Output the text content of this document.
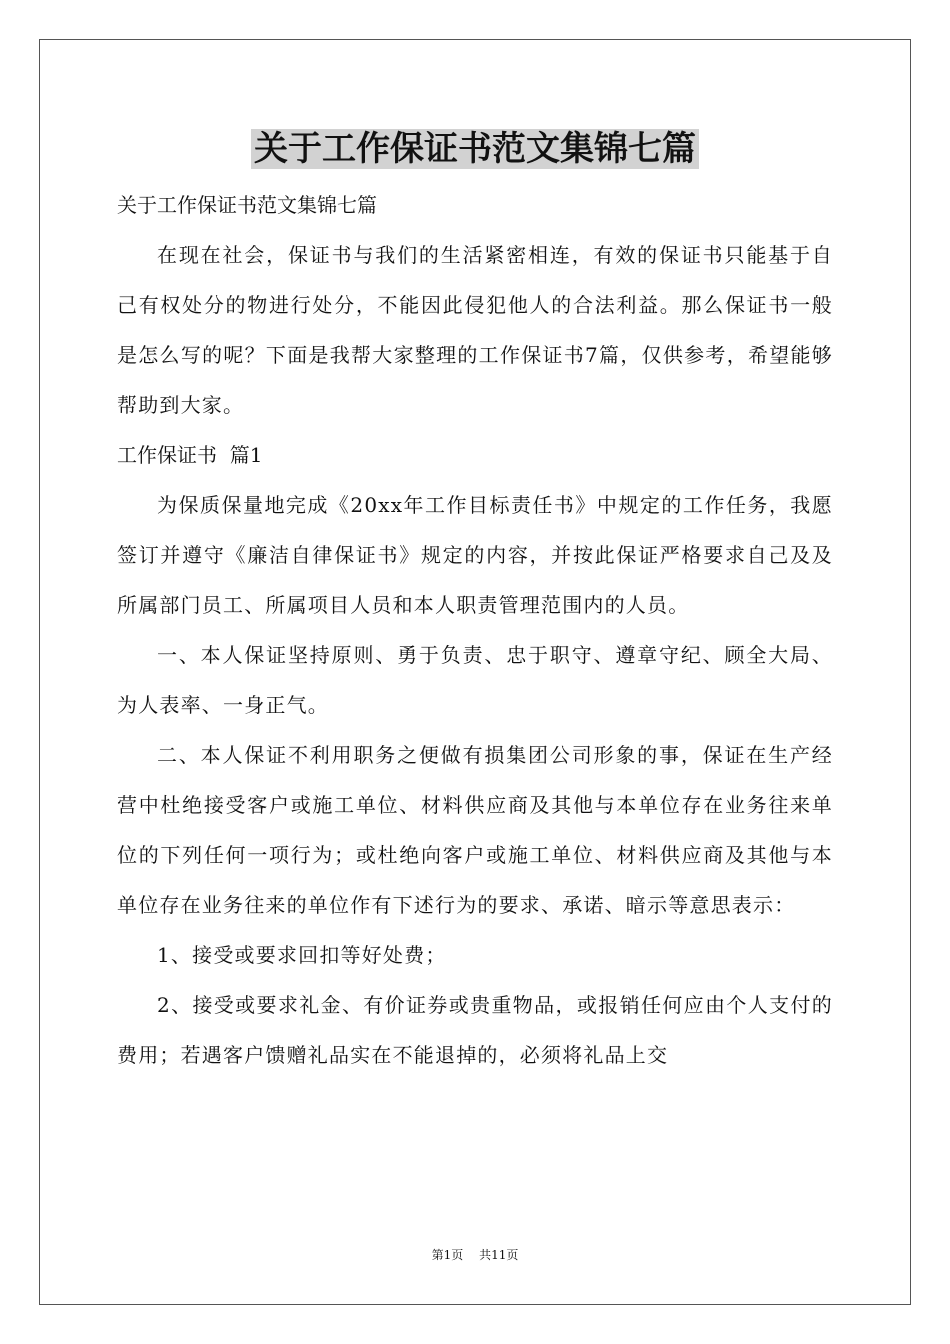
关于工作保证书范文集锦七篇
关于工作保证书范文集锦七篇

在现在社会，保证书与我们的生活紧密相连，有效的保证书只能基于自己有权处分的物进行处分，不能因此侵犯他人的合法利益。那么保证书一般是怎么写的呢？下面是我帮大家整理的工作保证书7篇，仅供参考，希望能够帮助到大家。

工作保证书  篇1

为保质保量地完成《20xx年工作目标责任书》中规定的工作任务，我愿签订并遵守《廉洁自律保证书》规定的内容，并按此保证严格要求自己及及所属部门员工、所属项目人员和本人职责管理范围内的人员。

一、本人保证坚持原则、勇于负责、忠于职守、遵章守纪、顾全大局、为人表率、一身正气。

二、本人保证不利用职务之便做有损集团公司形象的事，保证在生产经营中杜绝接受客户或施工单位、材料供应商及其他与本单位存在业务往来单位的下列任何一项行为；或杜绝向客户或施工单位、材料供应商及其他与本单位存在业务往来的单位作有下述行为的要求、承诺、暗示等意思表示：

1、接受或要求回扣等好处费；

2、接受或要求礼金、有价证券或贵重物品，或报销任何应由个人支付的费用；若遇客户馈赠礼品实在不能退掉的，必须将礼品上交

第1页 共11页
